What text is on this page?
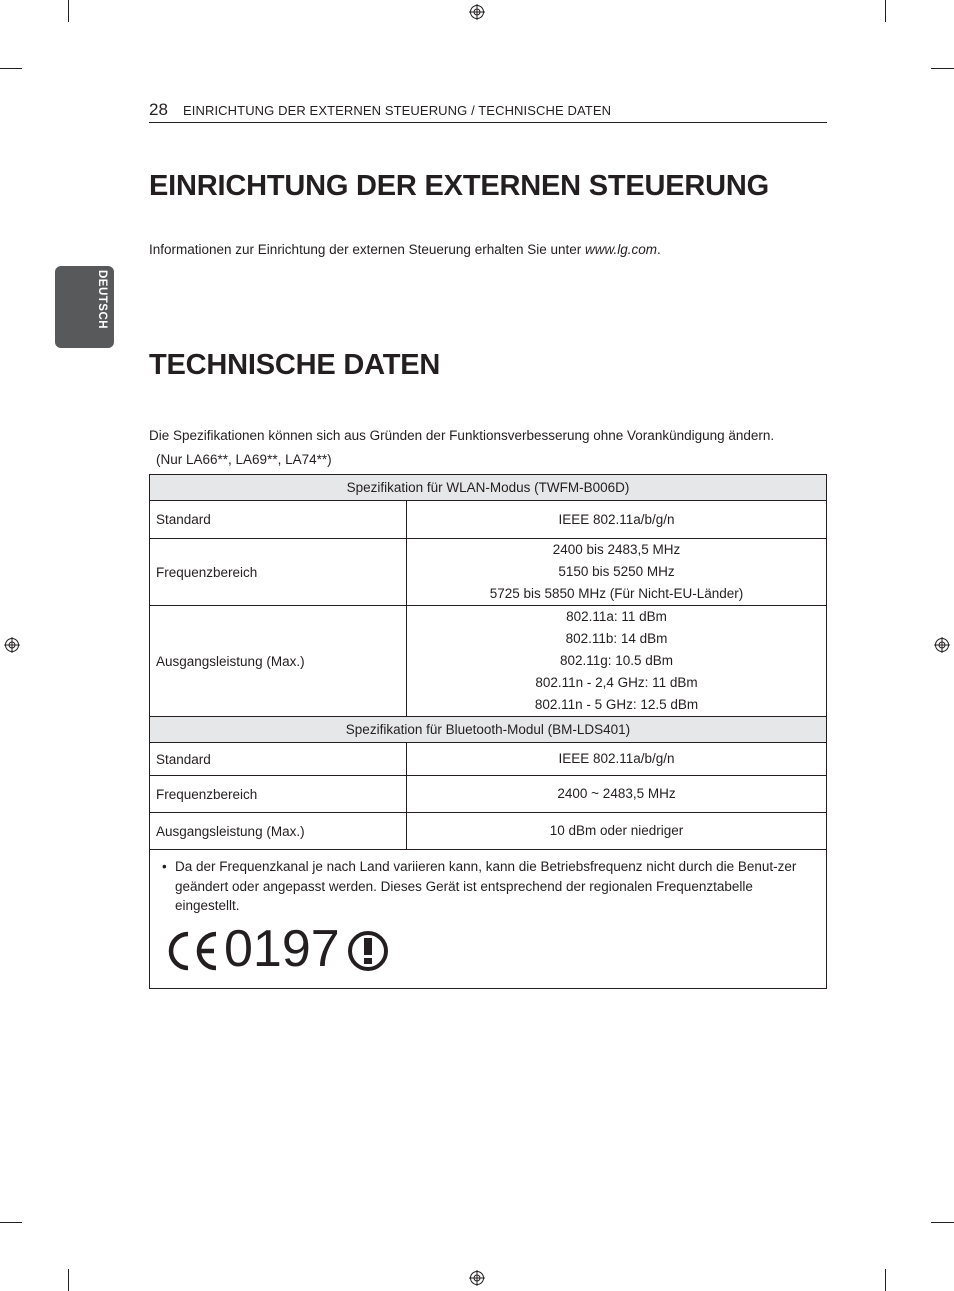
28 EINRICHTUNG DER EXTERNEN STEUERUNG / TECHNISCHE DATEN
DEUTSCH
EINRICHTUNG DER EXTERNEN STEUERUNG

Informationen zur Einrichtung der externen Steuerung erhalten Sie unter www.lg.com.

TECHNISCHE DATEN

Die Spezifikationen können sich aus Gründen der Funktionsverbesserung ohne Vorankündigung ändern.

(Nur LA66**, LA69**, LA74**)

Spezifikation für WLAN-Modus (TWFM-B006D)	
Standard	IEEE 802.11a/b/g/n

Frequenzbereich	2400 bis 2483,5 MHz
5150 bis 5250 MHz
5725 bis 5850 MHz (Für Nicht-EU-Länder)

Ausgangsleistung (Max.)	802.11a: 11 dBm
802.11b: 14 dBm
802.11g: 10.5 dBm
802.11n - 2,4 GHz: 11 dBm
802.11n - 5 GHz: 12.5 dBm

Spezifikation für Bluetooth-Modul (BM-LDS401)	
Standard	IEEE 802.11a/b/g/n
Frequenzbereich	2400 ~ 2483,5 MHz
Ausgangsleistung (Max.)	10 dBm oder niedriger

• Da der Frequenzkanal je nach Land variieren kann, kann die Betriebsfrequenz nicht durch die Benut-zer geändert oder angepasst werden. Dieses Gerät ist entsprechend der regionalen Frequenztabelle eingestellt.
0197	
